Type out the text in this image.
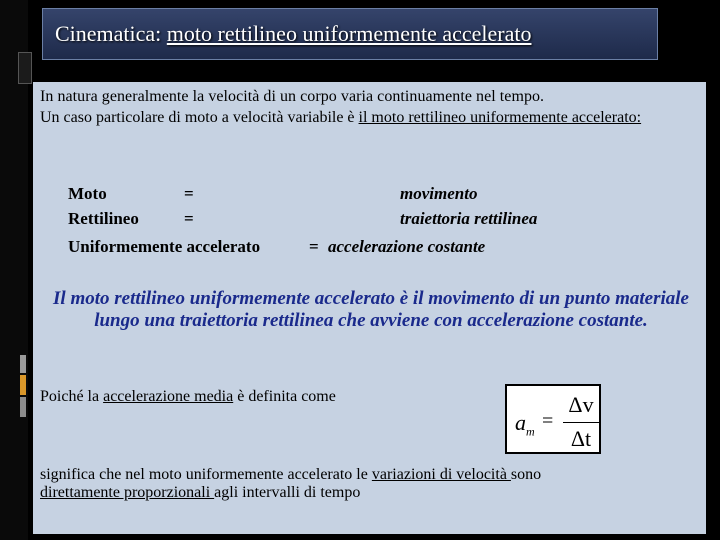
Cinematica: moto rettilineo uniformemente accelerato

In natura generalmente la velocità di un corpo varia continuamente nel tempo.

Un caso particolare di moto a velocità variabile è il moto rettilineo uniformemente accelerato:

Moto	=	movimento
Rettilineo	=	traiettoria rettilinea
Uniformemente accelerato	= accelerazione costante
Il moto rettilineo uniformemente accelerato è il movimento di un punto materiale lungo una traiettoria rettilinea che avviene con accelerazione costante.
Poiché la accelerazione media è definita come
$a_m$ =
Δv
Δt
significa che nel moto uniformemente accelerato le variazioni di velocità sono
direttamente proporzionali agli intervalli di tempo
